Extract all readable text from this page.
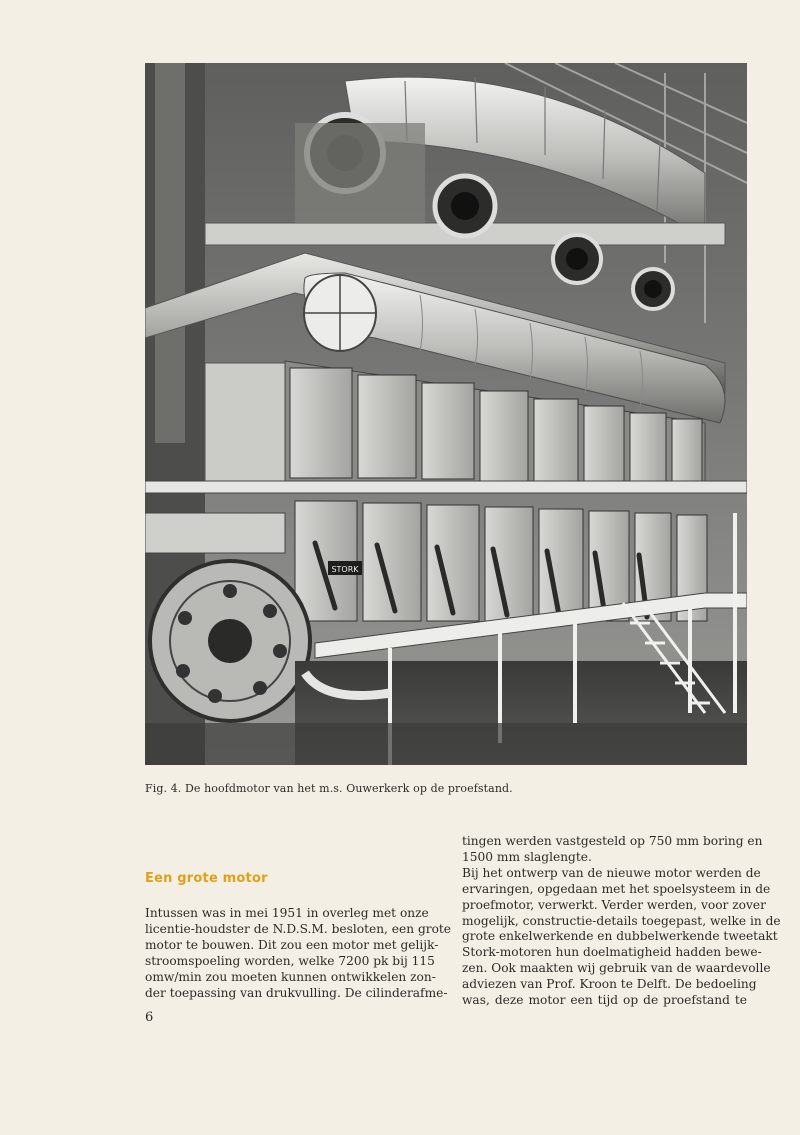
STORK
Fig. 4. De hoofdmotor van het m.s. Ouwerkerk op de proefstand.
Een grote motor
Intussen was in mei 1951 in overleg met onze
licentie-houdster de N.D.S.M. besloten, een grote
motor te bouwen. Dit zou een motor met gelijk-
stroomspoeling worden, welke 7200 pk bij 115
omw/min zou moeten kunnen ontwikkelen zon-
der toepassing van drukvulling. De cilinderafme-
tingen werden vastgesteld op 750 mm boring en
1500 mm slaglengte.
Bij het ontwerp van de nieuwe motor werden de
ervaringen, opgedaan met het spoelsysteem in de
proefmotor, verwerkt. Verder werden, voor zover
mogelijk, constructie-details toegepast, welke in de
grote enkelwerkende en dubbelwerkende tweetakt
Stork-motoren hun doelmatigheid hadden bewe-
zen. Ook maakten wij gebruik van de waardevolle
adviezen van Prof. Kroon te Delft. De bedoeling
was, deze motor een tijd op de proefstand te
6
